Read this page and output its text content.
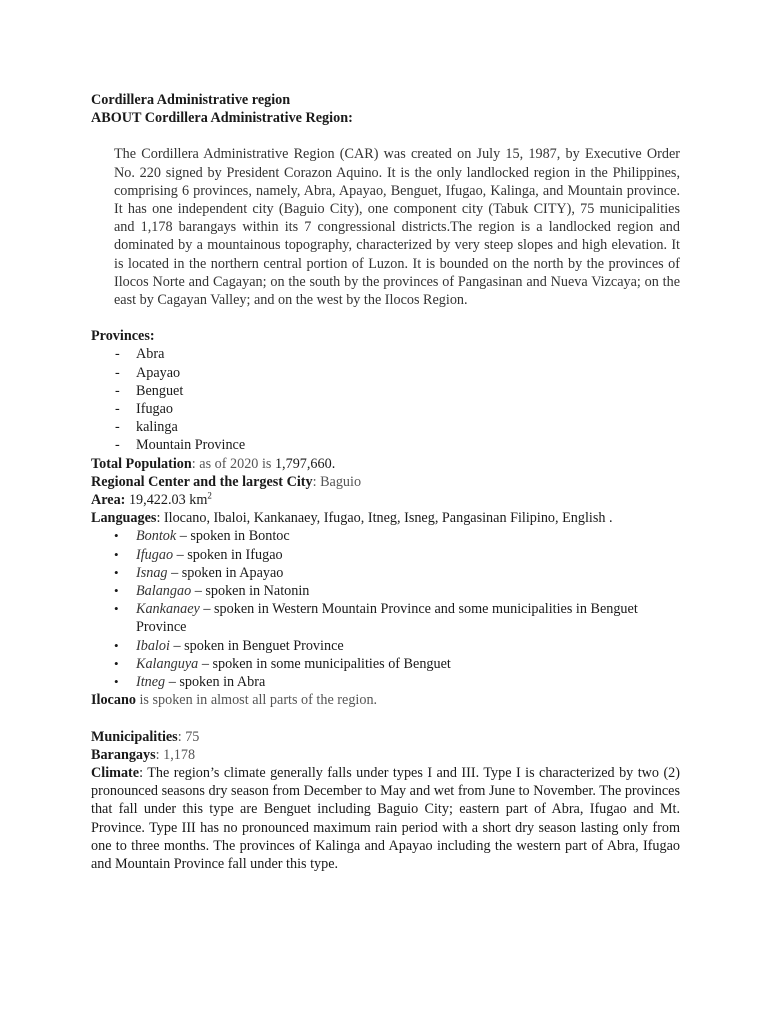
Cordillera Administrative region

ABOUT Cordillera Administrative Region:

The Cordillera Administrative Region (CAR) was created on July 15, 1987, by Executive Order No. 220 signed by President Corazon Aquino. It is the only landlocked region in the Philippines, comprising 6 provinces, namely, Abra, Apayao, Benguet, Ifugao, Kalinga, and Mountain province. It has one independent city (Baguio City), one component city (Tabuk CITY), 75 municipalities and 1,178 barangays within its 7 congressional districts.The region is a landlocked region and dominated by a mountainous topography, characterized by very steep slopes and high elevation. It is located in the northern central portion of Luzon. It is bounded on the north by the provinces of Ilocos Norte and Cagayan; on the south by the provinces of Pangasinan and Nueva Vizcaya; on the east by Cagayan Valley; and on the west by the Ilocos Region.

Provinces:
- Abra
- Apayao
- Benguet
- Ifugao
- kalinga
- Mountain Province

Total Population: as of 2020 is 1,797,660.

Regional Center and the largest City: Baguio

Area: 19,422.03 $km^2$

Languages: Ilocano, Ibaloi, Kankanaey, Ifugao, Itneg, Isneg, Pangasinan Filipino, English .

• Bontok – spoken in Bontoc
• Ifugao – spoken in Ifugao
• Isnag – spoken in Apayao
• Balangao – spoken in Natonin
• Kankanaey – spoken in Western Mountain Province and some municipalities in Benguet Province
• Ibaloi – spoken in Benguet Province
• Kalanguya – spoken in some municipalities of Benguet
• Itneg – spoken in Abra

Ilocano is spoken in almost all parts of the region.

Municipalities: 75

Barangays: 1,178

Climate: The region’s climate generally falls under types I and III. Type I is characterized by two (2) pronounced seasons dry season from December to May and wet from June to November. The provinces that fall under this type are Benguet including Baguio City; eastern part of Abra, Ifugao and Mt. Province. Type III has no pronounced maximum rain period with a short dry season lasting only from one to three months. The provinces of Kalinga and Apayao including the western part of Abra, Ifugao and Mountain Province fall under this type.
